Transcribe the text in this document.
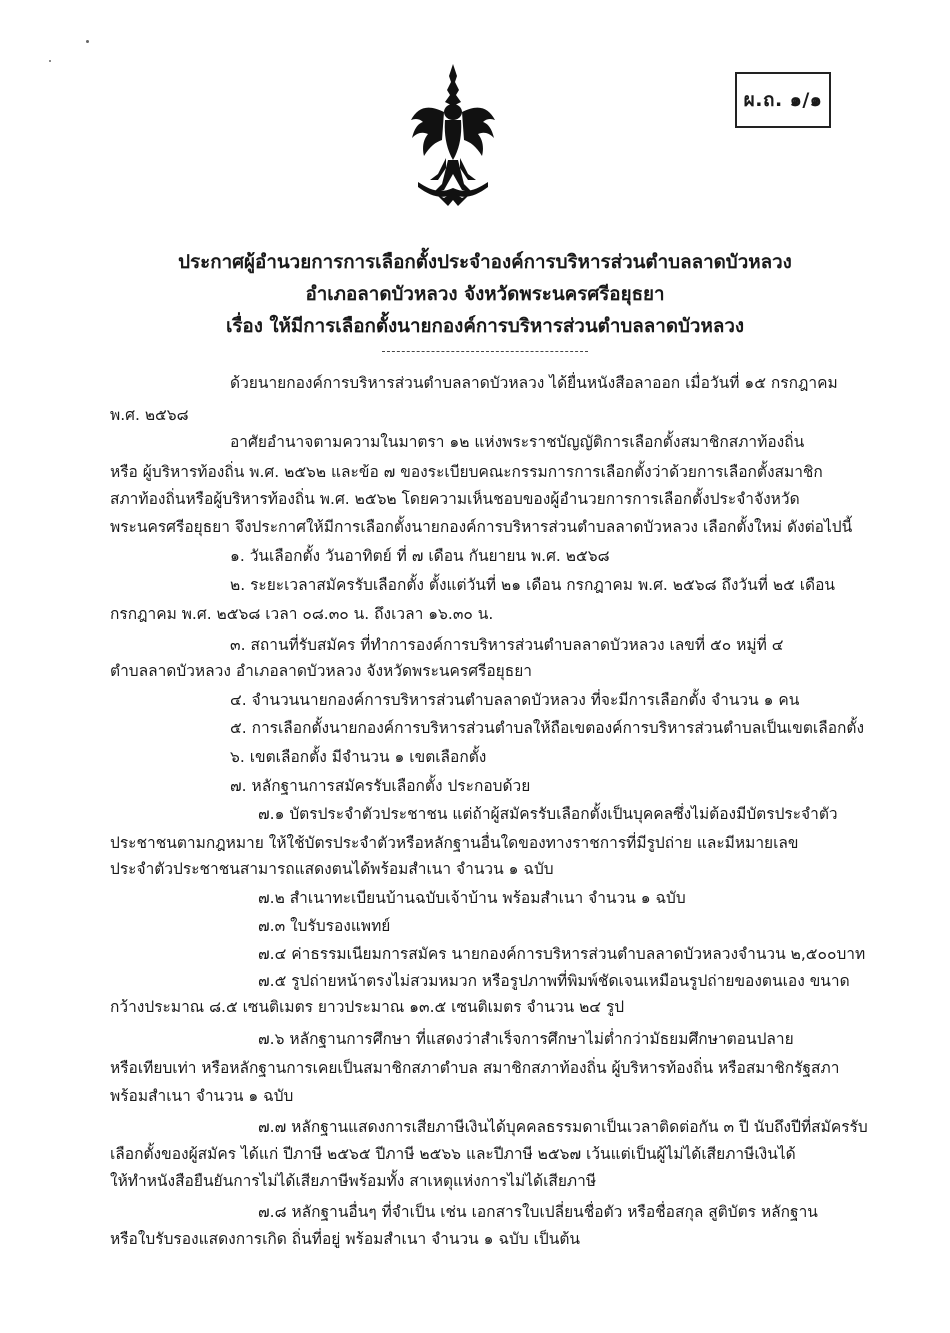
ผ.ถ. ๑/๑
ประกาศผู้อำนวยการการเลือกตั้งประจำองค์การบริหารส่วนตำบลลาดบัวหลวง
อำเภอลาดบัวหลวง จังหวัดพระนครศรีอยุธยา
เรื่อง ให้มีการเลือกตั้งนายกองค์การบริหารส่วนตำบลลาดบัวหลวง
ด้วยนายกองค์การบริหารส่วนตำบลลาดบัวหลวง ได้ยื่นหนังสือลาออก เมื่อวันที่ ๑๕ กรกฎาคม
พ.ศ. ๒๕๖๘
อาศัยอำนาจตามความในมาตรา ๑๒ แห่งพระราชบัญญัติการเลือกตั้งสมาชิกสภาท้องถิ่น
หรือ ผู้บริหารท้องถิ่น พ.ศ. ๒๕๖๒ และข้อ ๗ ของระเบียบคณะกรรมการการเลือกตั้งว่าด้วยการเลือกตั้งสมาชิก
สภาท้องถิ่นหรือผู้บริหารท้องถิ่น พ.ศ. ๒๕๖๒ โดยความเห็นชอบของผู้อำนวยการการเลือกตั้งประจำจังหวัด
พระนครศรีอยุธยา จึงประกาศให้มีการเลือกตั้งนายกองค์การบริหารส่วนตำบลลาดบัวหลวง เลือกตั้งใหม่ ดังต่อไปนี้
๑. วันเลือกตั้ง วันอาทิตย์ ที่ ๗ เดือน กันยายน พ.ศ. ๒๕๖๘
๒. ระยะเวลาสมัครรับเลือกตั้ง ตั้งแต่วันที่ ๒๑ เดือน กรกฎาคม พ.ศ. ๒๕๖๘ ถึงวันที่ ๒๕ เดือน
กรกฎาคม พ.ศ. ๒๕๖๘ เวลา ๐๘.๓๐ น. ถึงเวลา ๑๖.๓๐ น.
๓. สถานที่รับสมัคร ที่ทำการองค์การบริหารส่วนตำบลลาดบัวหลวง เลขที่ ๕๐ หมู่ที่ ๔
ตำบลลาดบัวหลวง อำเภอลาดบัวหลวง จังหวัดพระนครศรีอยุธยา
๔. จำนวนนายกองค์การบริหารส่วนตำบลลาดบัวหลวง ที่จะมีการเลือกตั้ง จำนวน ๑ คน
๕. การเลือกตั้งนายกองค์การบริหารส่วนตำบลให้ถือเขตองค์การบริหารส่วนตำบลเป็นเขตเลือกตั้ง
๖. เขตเลือกตั้ง มีจำนวน ๑ เขตเลือกตั้ง
๗. หลักฐานการสมัครรับเลือกตั้ง ประกอบด้วย
๗.๑ บัตรประจำตัวประชาชน แต่ถ้าผู้สมัครรับเลือกตั้งเป็นบุคคลซึ่งไม่ต้องมีบัตรประจำตัว
ประชาชนตามกฎหมาย ให้ใช้บัตรประจำตัวหรือหลักฐานอื่นใดของทางราชการที่มีรูปถ่าย และมีหมายเลข
ประจำตัวประชาชนสามารถแสดงตนได้พร้อมสำเนา จำนวน ๑ ฉบับ
๗.๒ สำเนาทะเบียนบ้านฉบับเจ้าบ้าน พร้อมสำเนา จำนวน ๑ ฉบับ
๗.๓ ใบรับรองแพทย์
๗.๔ ค่าธรรมเนียมการสมัคร นายกองค์การบริหารส่วนตำบลลาดบัวหลวงจำนวน ๒,๕๐๐บาท
๗.๕ รูปถ่ายหน้าตรงไม่สวมหมวก หรือรูปภาพที่พิมพ์ชัดเจนเหมือนรูปถ่ายของตนเอง ขนาด
กว้างประมาณ ๘.๕ เซนติเมตร ยาวประมาณ ๑๓.๕ เซนติเมตร จำนวน ๒๔ รูป
๗.๖ หลักฐานการศึกษา ที่แสดงว่าสำเร็จการศึกษาไม่ต่ำกว่ามัธยมศึกษาตอนปลาย
หรือเทียบเท่า หรือหลักฐานการเคยเป็นสมาชิกสภาตำบล สมาชิกสภาท้องถิ่น ผู้บริหารท้องถิ่น หรือสมาชิกรัฐสภา
พร้อมสำเนา จำนวน ๑ ฉบับ
๗.๗ หลักฐานแสดงการเสียภาษีเงินได้บุคคลธรรมดาเป็นเวลาติดต่อกัน ๓ ปี นับถึงปีที่สมัครรับ
เลือกตั้งของผู้สมัคร ได้แก่ ปีภาษี ๒๕๖๕ ปีภาษี ๒๕๖๖ และปีภาษี ๒๕๖๗ เว้นแต่เป็นผู้ไม่ได้เสียภาษีเงินได้
ให้ทำหนังสือยืนยันการไม่ได้เสียภาษีพร้อมทั้ง สาเหตุแห่งการไม่ได้เสียภาษี
๗.๘ หลักฐานอื่นๆ ที่จำเป็น เช่น เอกสารใบเปลี่ยนชื่อตัว หรือชื่อสกุล สูติบัตร หลักฐาน
หรือใบรับรองแสดงการเกิด ถิ่นที่อยู่ พร้อมสำเนา จำนวน ๑ ฉบับ เป็นต้น
